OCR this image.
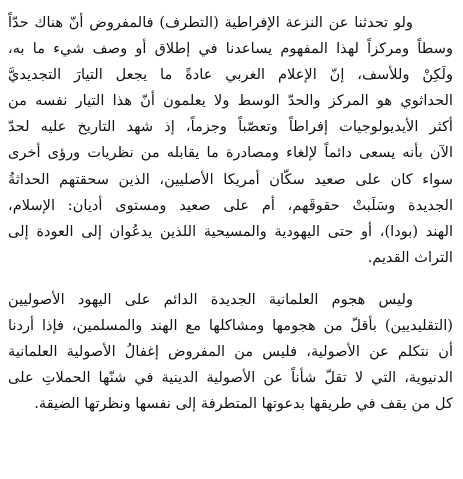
ولو تحدثنا عن النزعة الإفراطية (التطرف) فالمفروض أنّ هناك حدّاً
وسطاً ومركزاً لهذا المفهوم يساعدنا في إطلاق أو وصف شيء ما به،
ولَكِنْ وللأسف، إنّ الإعلام الغربي عادةً ما يجعل التيارَ التجديديَّ
الحداثوي هو المركز والحدّ الوسط ولا يعلمون أنّ هذا التيار نفسه من
أكثر الأيديولوجيات إفراطاً وتعصّباً وجزماً، إذ شهد التاريخ عليه لحدّ
الآن بأنه يسعى دائماً لإلغاء ومصادرة ما يقابله من نظريات ورؤى أخرى
سواء كان على صعيد سكّان أمريكا الأصليين، الذين سحقتهم الحداثةُ
الجديدة وسَلَبتْ حقوقَهم، أم على صعيد ومستوى أديان: الإسلام،
الهند (بودا)، أو حتى اليهودية والمسيحية اللذين يدعُوان إلى العودة إلى
التراث القديم.

وليس هجوم العلمانية الجديدة الدائم على اليهود الأصوليين
(التقليديين) بأقلّ من هجومها ومشاكلها مع الهند والمسلمين، فإذا أردنا
أن نتكلم عن الأصولية، فليس من المفروض إغفالُ الأصولية العلمانية
الدنيوية، التي لا تقلّ شأناً عن الأصولية الدينية في شنّها الحملاتِ على
كل من يقف في طريقها بدعوتها المتطرفة إلى نفسها ونظرتها الضيقة.
